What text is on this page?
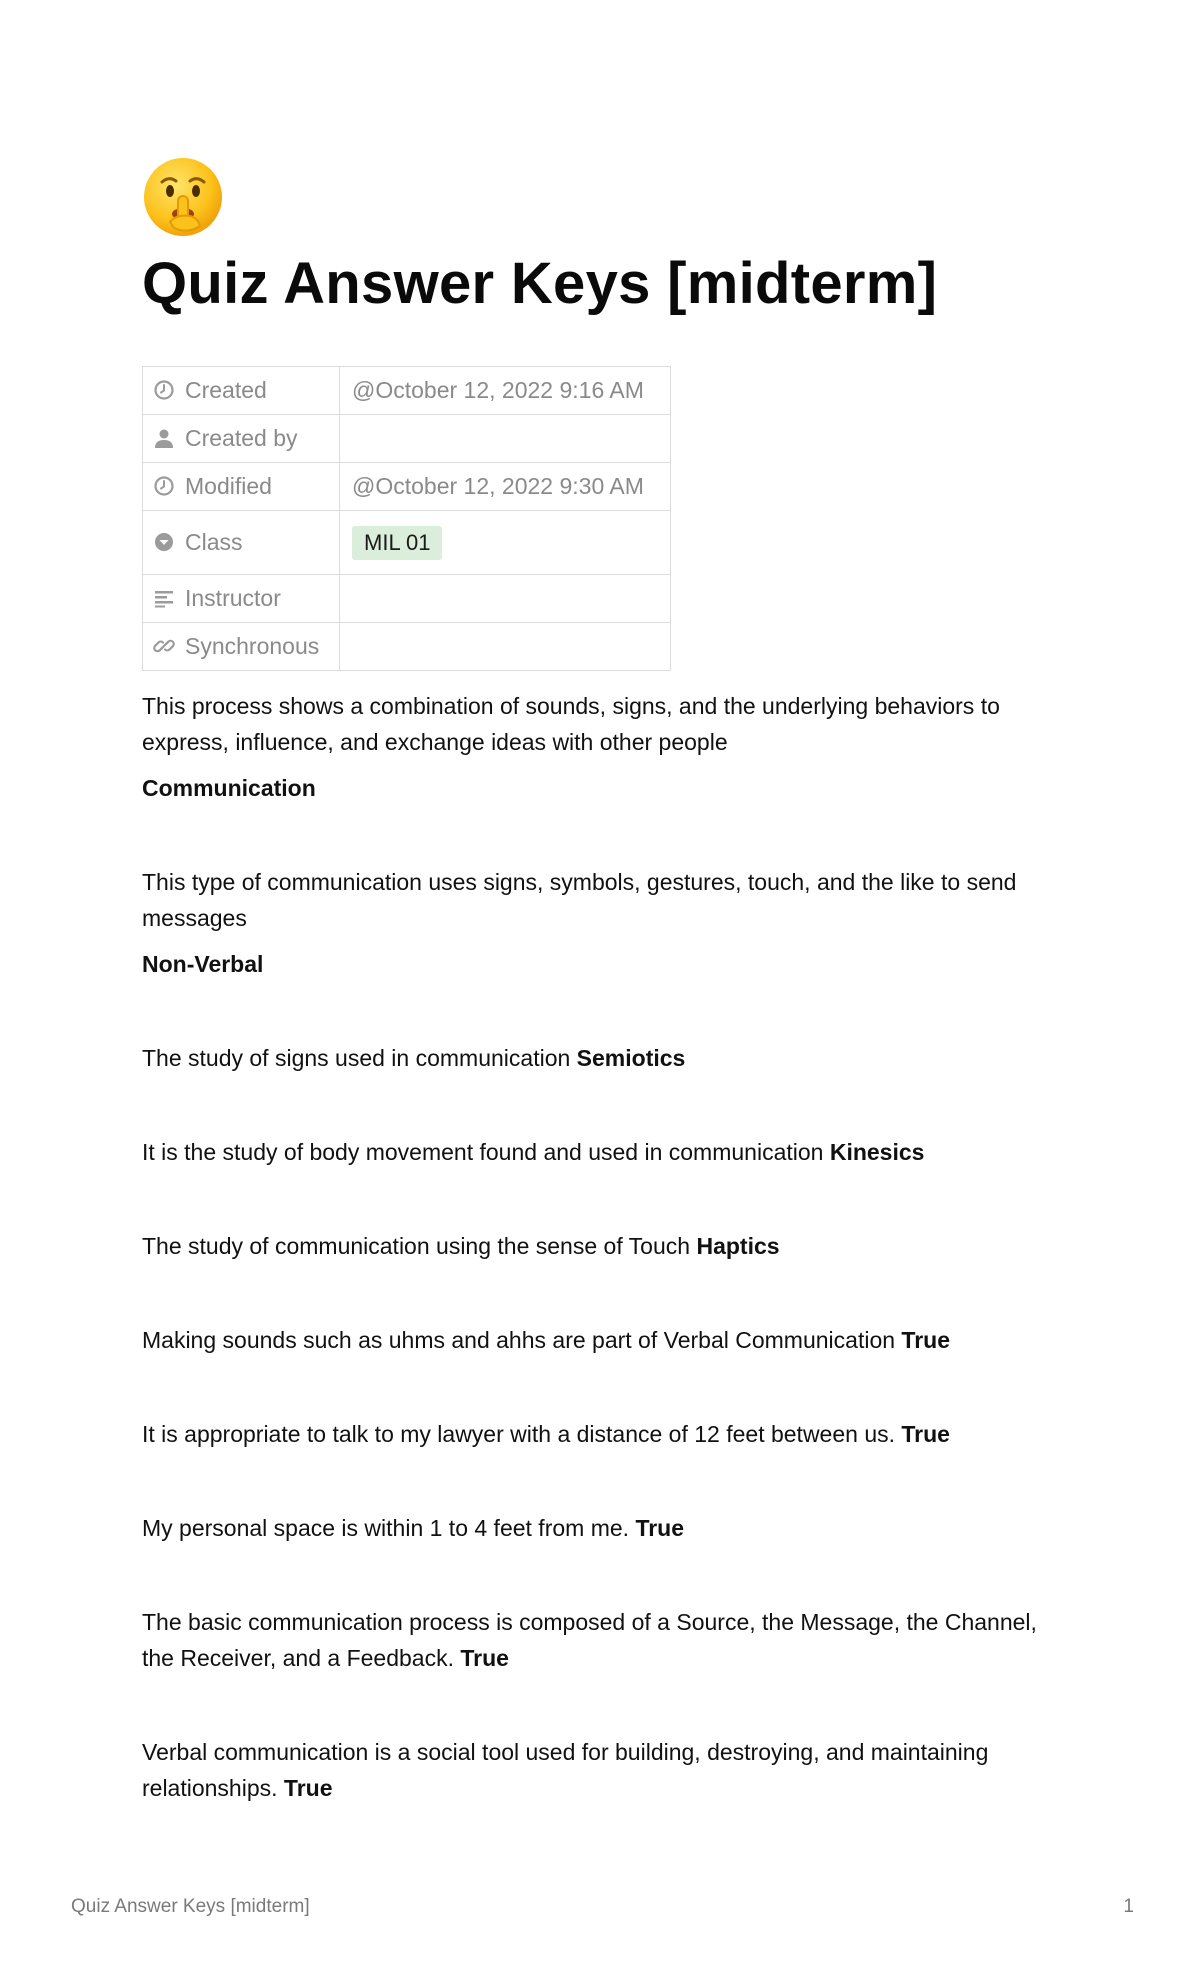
Quiz Answer Keys [midterm]
Created	@October 12, 2022 9:16 AM

Created by	

Modified	@October 12, 2022 9:30 AM

Class	MIL 01

Instructor	

Synchronous	

This process shows a combination of sounds, signs, and the underlying behaviors to express, influence, and exchange ideas with other people

Communication

This type of communication uses signs, symbols, gestures, touch, and the like to send messages

Non-Verbal

The study of signs used in communication Semiotics

It is the study of body movement found and used in communication Kinesics

The study of communication using the sense of Touch Haptics

Making sounds such as uhms and ahhs are part of Verbal Communication True

It is appropriate to talk to my lawyer with a distance of 12 feet between us. True

My personal space is within 1 to 4 feet from me. True

The basic communication process is composed of a Source, the Message, the Channel, the Receiver, and a Feedback. True

Verbal communication is a social tool used for building, destroying, and maintaining relationships. True

Quiz Answer Keys [midterm]	1
